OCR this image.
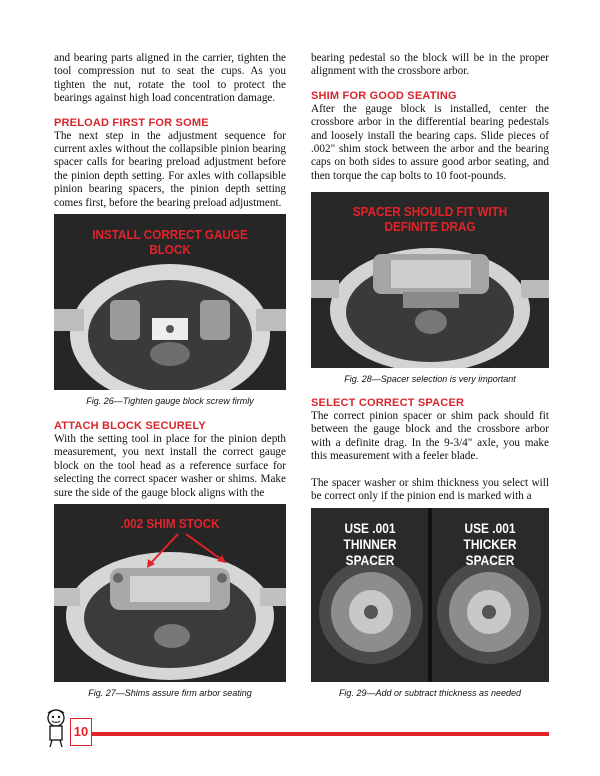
and bearing parts aligned in the carrier, tighten the tool compression nut to seat the cups. As you tighten the nut, rotate the tool to protect the bearings against high load concentration damage.

PRELOAD FIRST FOR SOME

The next step in the adjustment sequence for current axles without the collapsible pinion bearing spacer calls for bearing preload adjustment before the pinion depth setting. For axles with collapsible pinion bearing spacers, the pinion depth setting comes first, before the bearing preload adjustment.

bearing pedestal so the block will be in the proper alignment with the crossbore arbor.

SHIM FOR GOOD SEATING

After the gauge block is installed, center the crossbore arbor in the differential bearing pedestals and loosely install the bearing caps. Slide pieces of .002" shim stock between the arbor and the bearing caps on both sides to assure good arbor seating, and then torque the cap bolts to 10 foot-pounds.

INSTALL CORRECT GAUGE BLOCK
Fig. 26—Tighten gauge block screw firmly
SPACER SHOULD FIT WITH
DEFINITE DRAG
Fig. 28—Spacer selection is very important
ATTACH BLOCK SECURELY

With the setting tool in place for the pinion depth measurement, you next install the correct gauge block on the tool head as a reference surface for selecting the correct spacer washer or shims. Make sure the side of the gauge block aligns with the

SELECT CORRECT SPACER

The correct pinion spacer or shim pack should fit between the gauge block and the crossbore arbor with a definite drag. In the 9-3/4" axle, you make this measurement with a feeler blade.

The spacer washer or shim thickness you select will be correct only if the pinion end is marked with a

.002 SHIM STOCK
Fig. 27—Shims assure firm arbor seating
USE .001
THINNER SPACER
USE .001
THICKER SPACER
Fig. 29—Add or subtract thickness as needed
10
